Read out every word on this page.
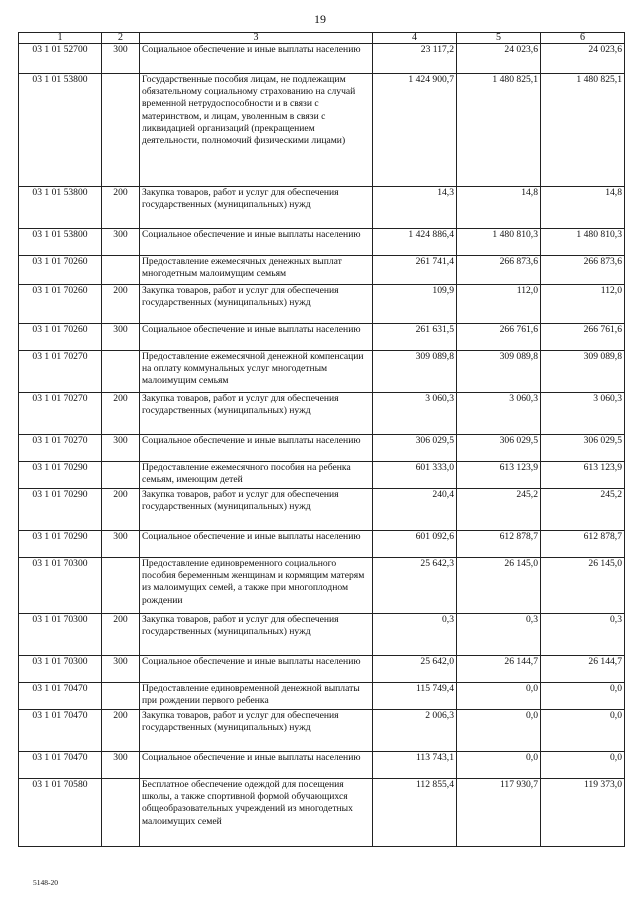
19
1	2	3	4	5	6
03 1 01 52700	300	Социальное обеспечение и иные выплаты населению	23 117,2	24 023,6	24 023,6
03 1 01 53800		Государственные пособия лицам, не подлежащим обязательному социальному страхованию на случай временной нетрудоспособности и в связи с материнством, и лицам, уволенным в связи с ликвидацией организаций (прекращением деятельности, полномочий физическими лицами)	1 424 900,7	1 480 825,1	1 480 825,1
03 1 01 53800	200	Закупка товаров, работ и услуг для обеспечения государственных (муниципальных) нужд	14,3	14,8	14,8
03 1 01 53800	300	Социальное обеспечение и иные выплаты населению	1 424 886,4	1 480 810,3	1 480 810,3
03 1 01 70260		Предоставление ежемесячных денежных выплат многодетным малоимущим семьям	261 741,4	266 873,6	266 873,6
03 1 01 70260	200	Закупка товаров, работ и услуг для обеспечения государственных (муниципальных) нужд	109,9	112,0	112,0
03 1 01 70260	300	Социальное обеспечение и иные выплаты населению	261 631,5	266 761,6	266 761,6
03 1 01 70270		Предоставление ежемесячной денежной компенсации на оплату коммунальных услуг многодетным малоимущим семьям	309 089,8	309 089,8	309 089,8
03 1 01 70270	200	Закупка товаров, работ и услуг для обеспечения государственных (муниципальных) нужд	3 060,3	3 060,3	3 060,3
03 1 01 70270	300	Социальное обеспечение и иные выплаты населению	306 029,5	306 029,5	306 029,5
03 1 01 70290		Предоставление ежемесячного пособия на ребенка семьям, имеющим детей	601 333,0	613 123,9	613 123,9
03 1 01 70290	200	Закупка товаров, работ и услуг для обеспечения государственных (муниципальных) нужд	240,4	245,2	245,2
03 1 01 70290	300	Социальное обеспечение и иные выплаты населению	601 092,6	612 878,7	612 878,7
03 1 01 70300		Предоставление единовременного социального пособия беременным женщинам и кормящим матерям из малоимущих семей, а также при многоплодном рождении	25 642,3	26 145,0	26 145,0
03 1 01 70300	200	Закупка товаров, работ и услуг для обеспечения государственных (муниципальных) нужд	0,3	0,3	0,3
03 1 01 70300	300	Социальное обеспечение и иные выплаты населению	25 642,0	26 144,7	26 144,7
03 1 01 70470		Предоставление единовременной денежной выплаты при рождении первого ребенка	115 749,4	0,0	0,0
03 1 01 70470	200	Закупка товаров, работ и услуг для обеспечения государственных (муниципальных) нужд	2 006,3	0,0	0,0
03 1 01 70470	300	Социальное обеспечение и иные выплаты населению	113 743,1	0,0	0,0
03 1 01 70580		Бесплатное обеспечение одеждой для посещения школы, а также спортивной формой обучающихся общеобразовательных учреждений из многодетных малоимущих семей	112 855,4	117 930,7	119 373,0
5148-20
